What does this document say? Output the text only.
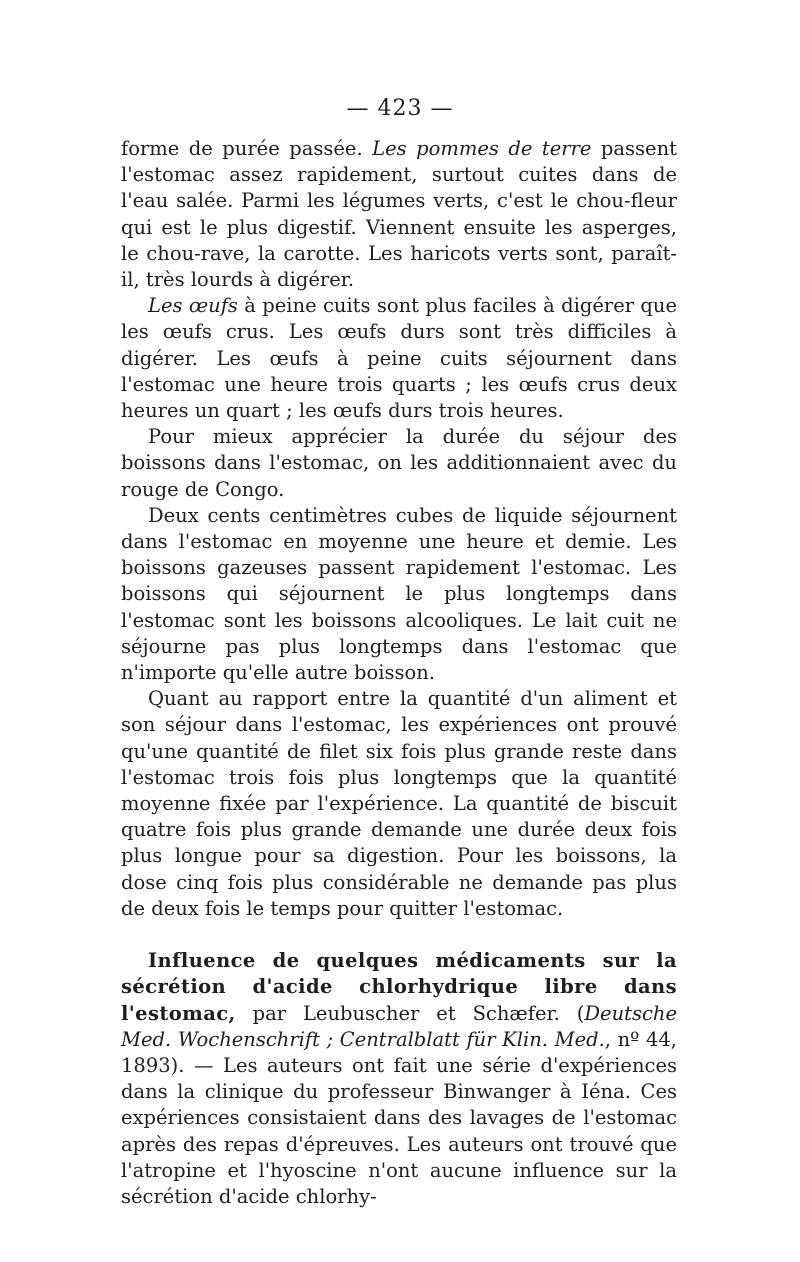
— 423 —

forme de purée passée. Les pommes de terre passent l'estomac assez rapidement, surtout cuites dans de l'eau salée. Parmi les légumes verts, c'est le chou-fleur qui est le plus digestif. Viennent ensuite les asperges, le chou-rave, la carotte. Les haricots verts sont, paraît-il, très lourds à digérer.

Les œufs à peine cuits sont plus faciles à digérer que les œufs crus. Les œufs durs sont très difficiles à digérer. Les œufs à peine cuits séjournent dans l'estomac une heure trois quarts ; les œufs crus deux heures un quart ; les œufs durs trois heures.

Pour mieux apprécier la durée du séjour des boissons dans l'estomac, on les additionnaient avec du rouge de Congo.

Deux cents centimètres cubes de liquide séjournent dans l'estomac en moyenne une heure et demie. Les boissons gazeuses passent rapidement l'estomac. Les boissons qui séjournent le plus longtemps dans l'estomac sont les boissons alcooliques. Le lait cuit ne séjourne pas plus longtemps dans l'estomac que n'importe qu'elle autre boisson.

Quant au rapport entre la quantité d'un aliment et son séjour dans l'estomac, les expériences ont prouvé qu'une quantité de filet six fois plus grande reste dans l'estomac trois fois plus longtemps que la quantité moyenne fixée par l'expérience. La quantité de biscuit quatre fois plus grande demande une durée deux fois plus longue pour sa digestion. Pour les boissons, la dose cinq fois plus considérable ne demande pas plus de deux fois le temps pour quitter l'estomac.

Influence de quelques médicaments sur la sécrétion d'acide chlorhydrique libre dans l'estomac, par Leubuscher et Schæfer. (Deutsche Med. Wochenschrift ; Centralblatt für Klin. Med., nº 44, 1893). — Les auteurs ont fait une série d'expériences dans la clinique du professeur Binwanger à Iéna. Ces expériences consistaient dans des lavages de l'estomac après des repas d'épreuves. Les auteurs ont trouvé que l'atropine et l'hyoscine n'ont aucune influence sur la sécrétion d'acide chlorhy-
